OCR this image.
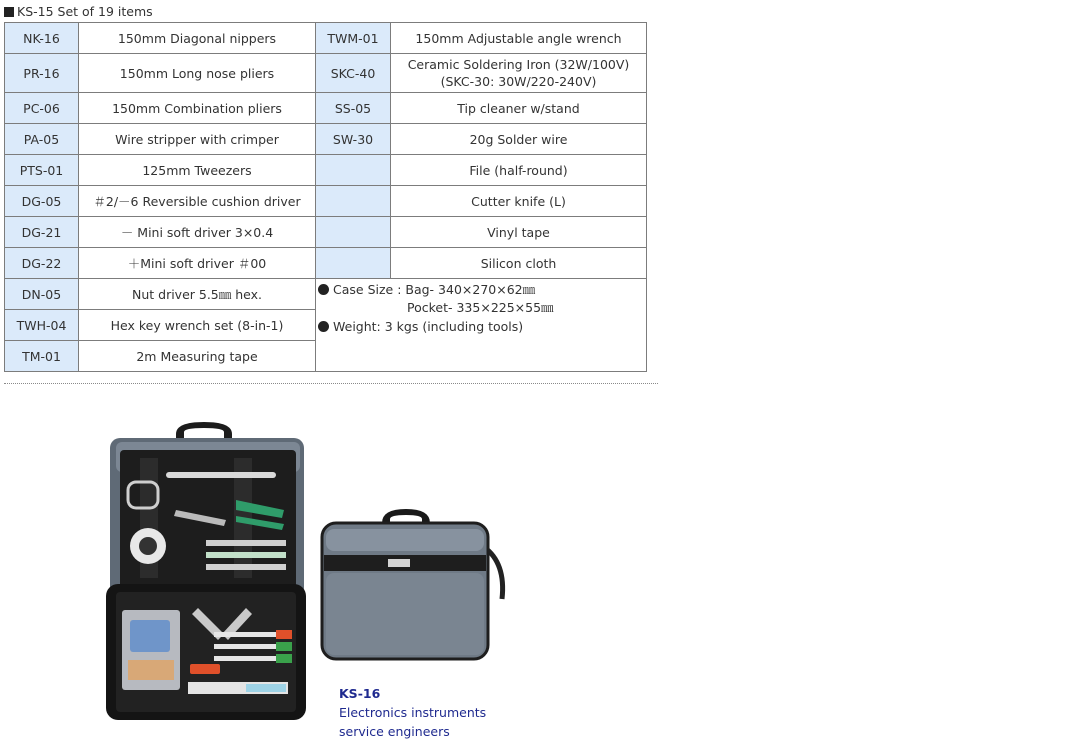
KS-15 Set of 19 items
NK-16	150mm Diagonal nippers	TWM-01	150mm Adjustable angle wrench
PR-16	150mm Long nose pliers	SKC-40	Ceramic Soldering Iron (32W/100V)
(SKC-30: 30W/220-240V)

PC-06	150mm Combination pliers	SS-05	Tip cleaner w/stand
PA-05	Wire stripper with crimper	SW-30	20g Solder wire
PTS-01	125mm Tweezers		File (half-round)
DG-05	＃2/－6 Reversible cushion driver		Cutter knife (L)
DG-21	－ Mini soft driver 3×0.4		Vinyl tape
DG-22	＋Mini soft driver ＃00		Silicon cloth
DN-05	Nut driver 5.5㎜ hex.	Case Size : Bag- 340×270×62㎜
Pocket- 335×225×55㎜
Weight: 3 kgs (including tools)	

TWH-04	Hex key wrench set (8-in-1)		
TM-01	2m Measuring tape		
KS-16
Electronics instruments
service engineers
